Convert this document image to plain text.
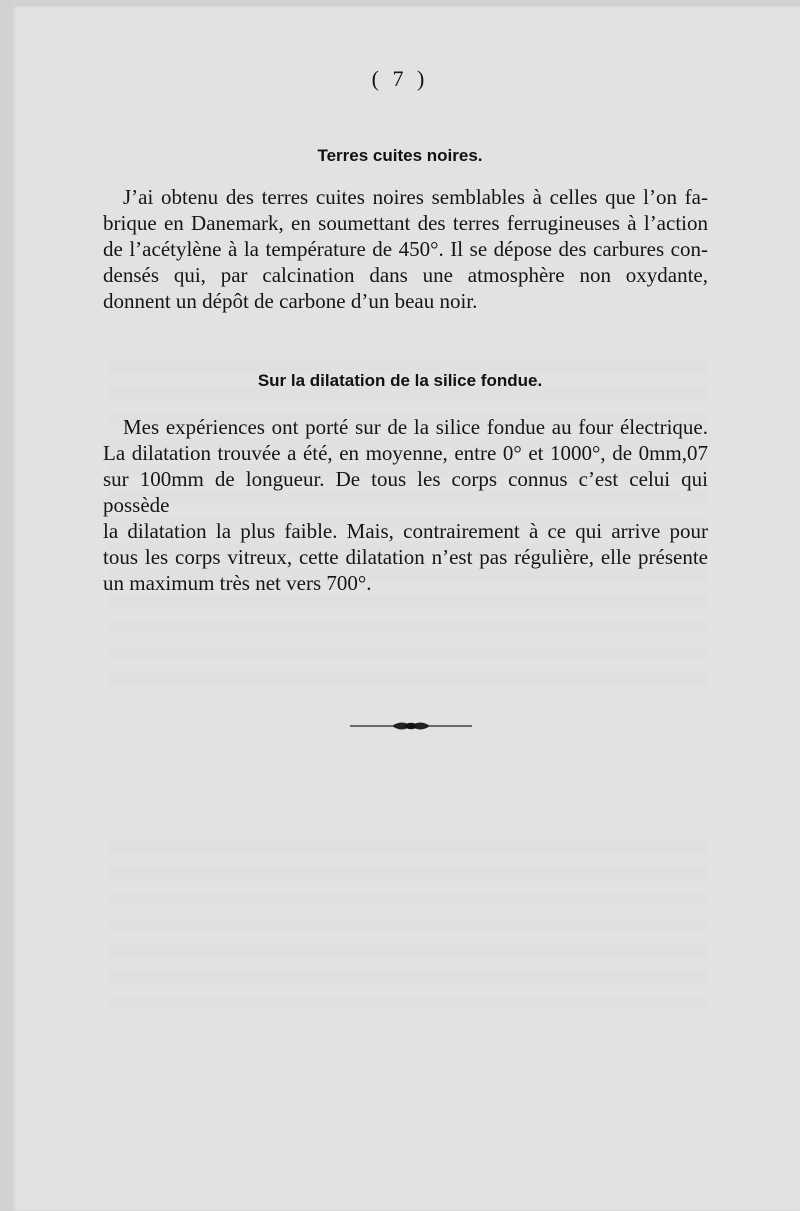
( 7 )
Terres cuites noires.

J’ai obtenu des terres cuites noires semblables à celles que l’on fa-
brique en Danemark, en soumettant des terres ferrugineuses à l’action
de l’acétylène à la température de 450°. Il se dépose des carbures con-
densés qui, par calcination dans une atmosphère non oxydante,
donnent un dépôt de carbone d’un beau noir.

Sur la dilatation de la silice fondue.

Mes expériences ont porté sur de la silice fondue au four électrique.
La dilatation trouvée a été, en moyenne, entre 0° et 1000°, de 0mm,07
sur 100mm de longueur. De tous les corps connus c’est celui qui possède
la dilatation la plus faible. Mais, contrairement à ce qui arrive pour
tous les corps vitreux, cette dilatation n’est pas régulière, elle présente
un maximum très net vers 700°.
